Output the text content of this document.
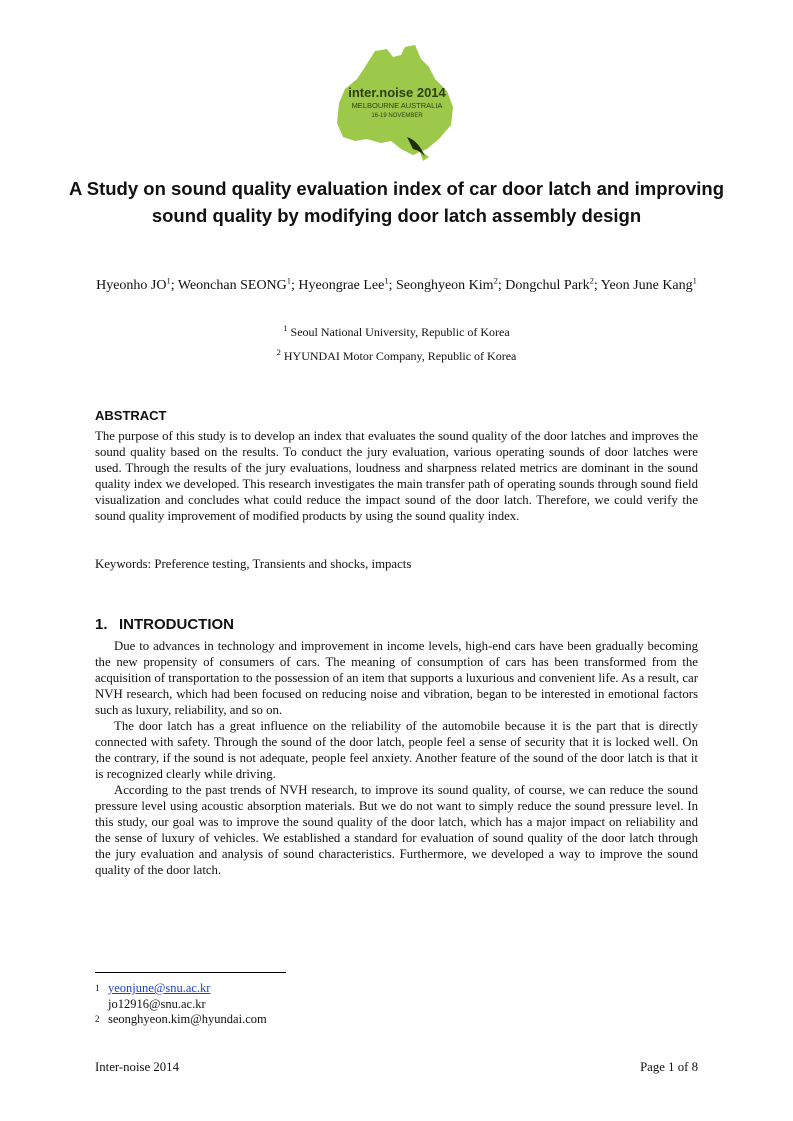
inter.noise 2014
MELBOURNE AUSTRALIA
16-19 NOVEMBER
A Study on sound quality evaluation index of car door latch and improving sound quality by modifying door latch assembly design
Hyeonho $JO^1$; Weonchan SEONG$^1$; Hyeongrae Lee$^1$; Seonghyeon Kim$^2$; Dongchul Park$^2$; Yeon June Kang$^1$
$^1$ Seoul National University, Republic of Korea
$^2$ HYUNDAI Motor Company, Republic of Korea
ABSTRACT

The purpose of this study is to develop an index that evaluates the sound quality of the door latches and improves the sound quality based on the results. To conduct the jury evaluation, various operating sounds of door latches were used. Through the results of the jury evaluations, loudness and sharpness related metrics are dominant in the sound quality index we developed. This research investigates the main transfer path of operating sounds through sound field visualization and concludes what could reduce the impact sound of the door latch. Therefore, we could verify the sound quality improvement of modified products by using the sound quality index.

Keywords: Preference testing, Transients and shocks, impacts

1. INTRODUCTION

Due to advances in technology and improvement in income levels, high-end cars have been gradually becoming the new propensity of consumers of cars. The meaning of consumption of cars has been transformed from the acquisition of transportation to the possession of an item that supports a luxurious and convenient life. As a result, car NVH research, which had been focused on reducing noise and vibration, began to be interested in emotional factors such as luxury, reliability, and so on.

The door latch has a great influence on the reliability of the automobile because it is the part that is directly connected with safety. Through the sound of the door latch, people feel a sense of security that it is locked well. On the contrary, if the sound is not adequate, people feel anxiety. Another feature of the sound of the door latch is that it is recognized clearly while driving.

According to the past trends of NVH research, to improve its sound quality, of course, we can reduce the sound pressure level using acoustic absorption materials. But we do not want to simply reduce the sound pressure level. In this study, our goal was to improve the sound quality of the door latch, which has a major impact on reliability and the sense of luxury of vehicles. We established a standard for evaluation of sound quality of the door latch through the jury evaluation and analysis of sound characteristics. Furthermore, we developed a way to improve the sound quality of the door latch.

1 yeonjune@snu.ac.kr
jo12916@snu.ac.kr
2 seonghyeon.kim@hyundai.com
Inter-noise 2014	Page 1 of 8
